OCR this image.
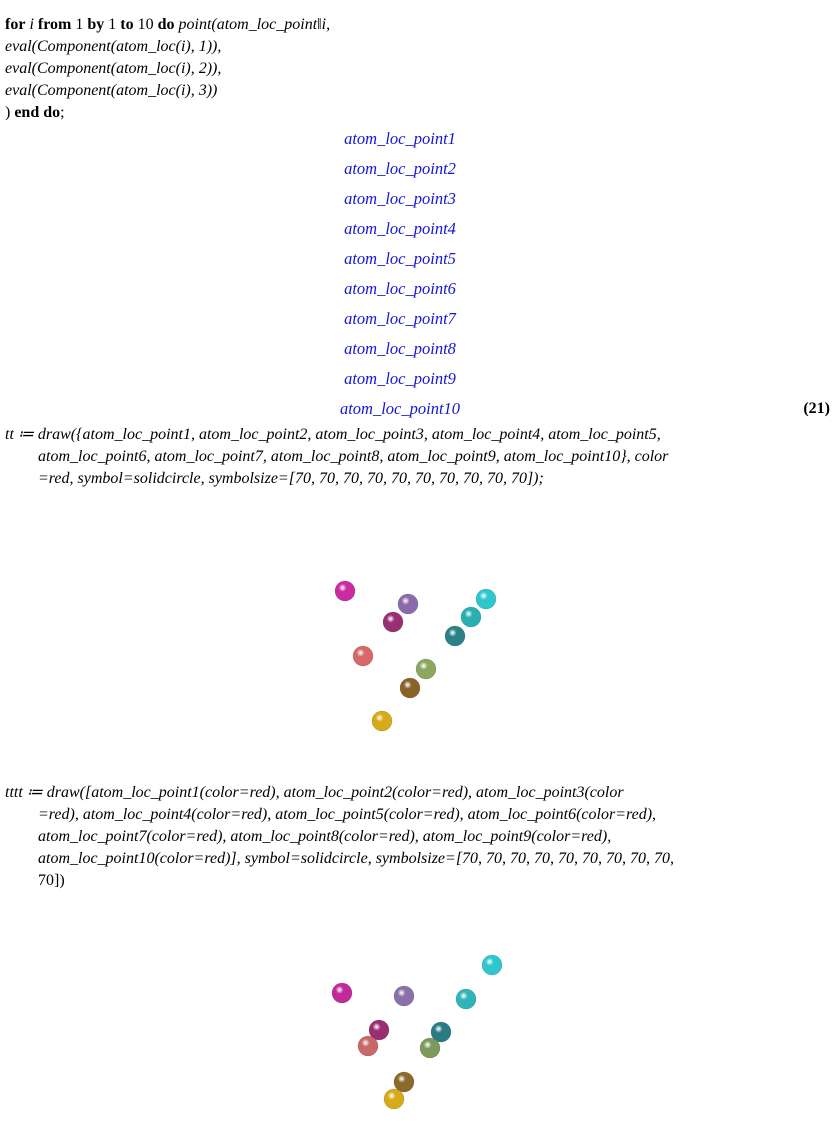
for i from 1 by 1 to 10 do point(atom_loc_point‖i,
eval(Component(atom_loc(i), 1)),
eval(Component(atom_loc(i), 2)),
eval(Component(atom_loc(i), 3))
) end do;
atom_loc_point1
atom_loc_point2
atom_loc_point3
atom_loc_point4
atom_loc_point5
atom_loc_point6
atom_loc_point7
atom_loc_point8
atom_loc_point9
atom_loc_point10	(21)
tt ≔ draw({atom_loc_point1, atom_loc_point2, atom_loc_point3, atom_loc_point4, atom_loc_point5,
atom_loc_point6, atom_loc_point7, atom_loc_point8, atom_loc_point9, atom_loc_point10}, color
=red, symbol=solidcircle, symbolsize=[70, 70, 70, 70, 70, 70, 70, 70, 70, 70]);
tttt ≔ draw([atom_loc_point1(color=red), atom_loc_point2(color=red), atom_loc_point3(color
=red), atom_loc_point4(color=red), atom_loc_point5(color=red), atom_loc_point6(color=red),
atom_loc_point7(color=red), atom_loc_point8(color=red), atom_loc_point9(color=red),
atom_loc_point10(color=red)], symbol=solidcircle, symbolsize=[70, 70, 70, 70, 70, 70, 70, 70, 70,
70])
